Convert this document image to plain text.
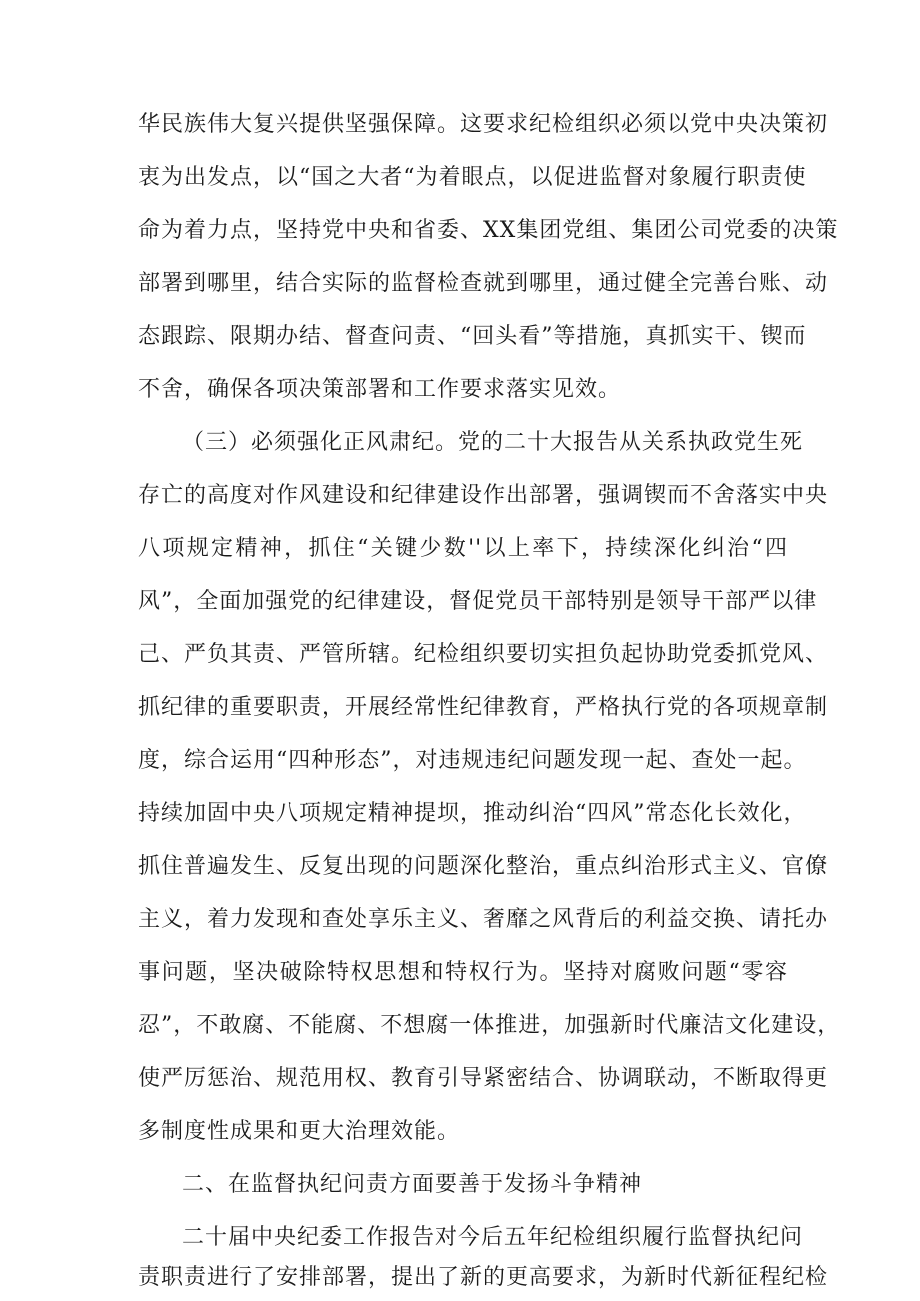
华民族伟大复兴提供坚强保障。这要求纪检组织必须以党中央决策初
衷为出发点，以“国之大者“为着眼点，以促进监督对象履行职责使
命为着力点，坚持党中央和省委、XX集团党组、集团公司党委的决策
部署到哪里，结合实际的监督检查就到哪里，通过健全完善台账、动
态跟踪、限期办结、督查问责、“回头看”等措施，真抓实干、锲而
不舍，确保各项决策部署和工作要求落实见效。
（三）必须强化正风肃纪。党的二十大报告从关系执政党生死
存亡的高度对作风建设和纪律建设作出部署，强调锲而不舍落实中央
八项规定精神，抓住“关键少数''以上率下，持续深化纠治“四
风”，全面加强党的纪律建设，督促党员干部特别是领导干部严以律
己、严负其责、严管所辖。纪检组织要切实担负起协助党委抓党风、
抓纪律的重要职责，开展经常性纪律教育，严格执行党的各项规章制
度，综合运用“四种形态”，对违规违纪问题发现一起、查处一起。
持续加固中央八项规定精神提坝，推动纠治“四风”常态化长效化，
抓住普遍发生、反复出现的问题深化整治，重点纠治形式主义、官僚
主义，着力发现和查处享乐主义、奢靡之风背后的利益交换、请托办
事问题，坚决破除特权思想和特权行为。坚持对腐败问题“零容
忍”，不敢腐、不能腐、不想腐一体推进，加强新时代廉洁文化建设，
使严厉惩治、规范用权、教育引导紧密结合、协调联动，不断取得更
多制度性成果和更大治理效能。
二、在监督执纪问责方面要善于发扬斗争精神
二十届中央纪委工作报告对今后五年纪检组织履行监督执纪问
责职责进行了安排部署，提出了新的更高要求，为新时代新征程纪检
